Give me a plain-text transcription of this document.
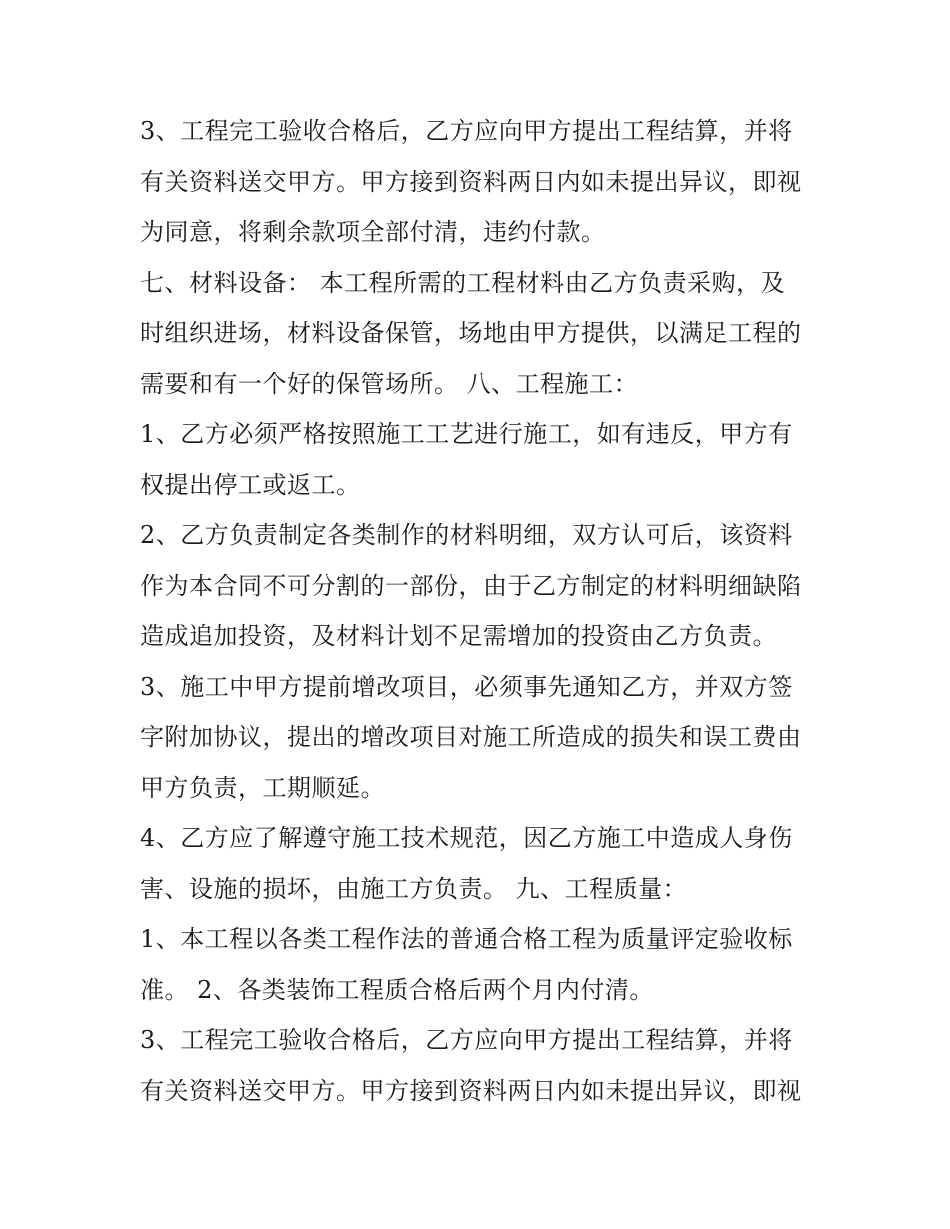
3、工程完工验收合格后，乙方应向甲方提出工程结算，并将
有关资料送交甲方。甲方接到资料两日内如未提出异议，即视
为同意，将剩余款项全部付清，违约付款。
七、材料设备： 本工程所需的工程材料由乙方负责采购，及
时组织进场，材料设备保管，场地由甲方提供，以满足工程的
需要和有一个好的保管场所。 八、工程施工：
1、乙方必须严格按照施工工艺进行施工，如有违反，甲方有
权提出停工或返工。
2、乙方负责制定各类制作的材料明细，双方认可后，该资料
作为本合同不可分割的一部份，由于乙方制定的材料明细缺陷
造成追加投资，及材料计划不足需增加的投资由乙方负责。
3、施工中甲方提前增改项目，必须事先通知乙方，并双方签
字附加协议，提出的增改项目对施工所造成的损失和误工费由
甲方负责，工期顺延。
4、乙方应了解遵守施工技术规范，因乙方施工中造成人身伤
害、设施的损坏，由施工方负责。 九、工程质量：
1、本工程以各类工程作法的普通合格工程为质量评定验收标
准。 2、各类装饰工程质合格后两个月内付清。
3、工程完工验收合格后，乙方应向甲方提出工程结算，并将
有关资料送交甲方。甲方接到资料两日内如未提出异议，即视
